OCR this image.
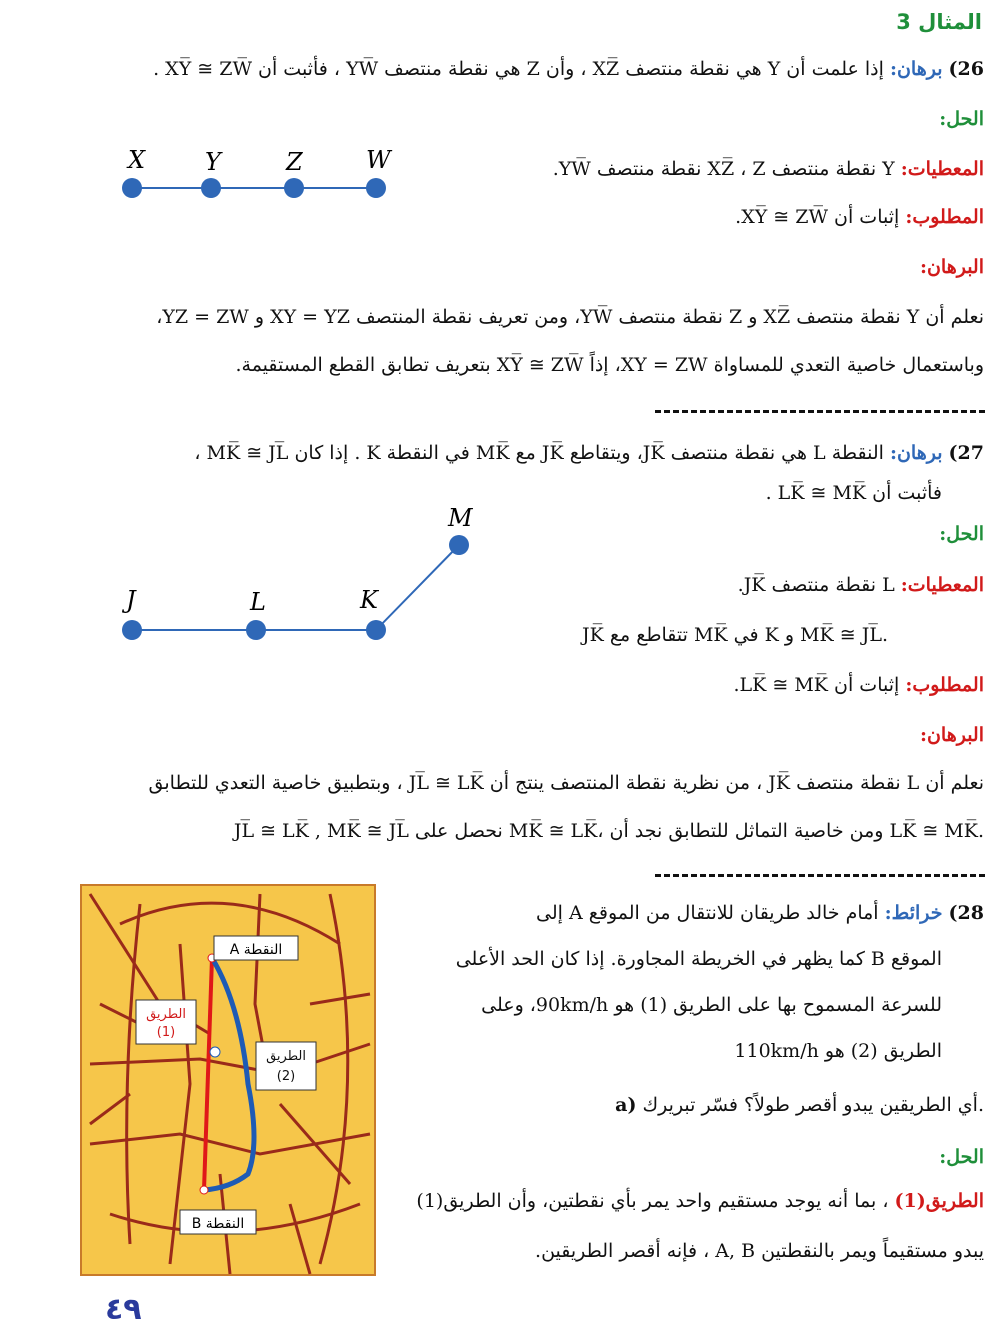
المثال 3
26) برهان: إذا علمت أن Y هي نقطة منتصف XZ̅ ، وأن Z هي نقطة منتصف YW̅ ، فأثبت أن XY̅ ≅ ZW̅ .
الحل:
X Y	Z	W	المعطيات: Y نقطة منتصف XZ̅ ، Z نقطة منتصف YW̅.
المطلوب: إثبات أن XY̅ ≅ ZW̅.
البرهان:
نعلم أن Y نقطة منتصف XZ̅ و Z نقطة منتصف YW̅، ومن تعريف نقطة المنتصف XY = YZ و YZ = ZW،
وباستعمال خاصية التعدي للمساواة XY = ZW، إذاً XY̅ ≅ ZW̅ بتعريف تطابق القطع المستقيمة.
27) برهان: النقطة L هي نقطة منتصف JK̅، ويتقاطع JK̅ مع MK̅ في النقطة K . إذا كان MK̅ ≅ JL̅ ،
فأثبت أن LK̅ ≅ MK̅ .
الحل:
J	L	K
M
المعطيات: L نقطة منتصف JK̅.
JK̅ تتقاطع مع MK̅ في K و MK̅ ≅ JL̅.
المطلوب: إثبات أن LK̅ ≅ MK̅.
البرهان:
نعلم أن L نقطة منتصف JK̅ ، من نظرية نقطة المنتصف ينتج أن JL̅ ≅ LK̅ ، وبتطبيق خاصية التعدي للتطابق
JL̅ ≅ LK̅ , MK̅ ≅ JL̅ نحصل على MK̅ ≅ LK̅، ومن خاصية التماثل للتطابق نجد أن LK̅ ≅ MK̅.
28) خرائط: أمام خالد طريقان للانتقال من الموقع A إلى
الموقع B كما يظهر في الخريطة المجاورة. إذا كان الحد الأعلى
للسرعة المسموح بها على الطريق (1) هو 90km/h، وعلى
الطريق (2) هو 110km/h
a) أي الطريقين يبدو أقصر طولاً؟ فسّر تبريرك.
الحل:
الطريق(1) ، بما أنه يوجد مستقيم واحد يمر بأي نقطتين، وأن الطريق(1)
يبدو مستقيماً ويمر بالنقطتين A, B ، فإنه أقصر الطريقين.
النقطة A
النقطة B
الطريق
(1)
الطريق
(2)
٤٩
